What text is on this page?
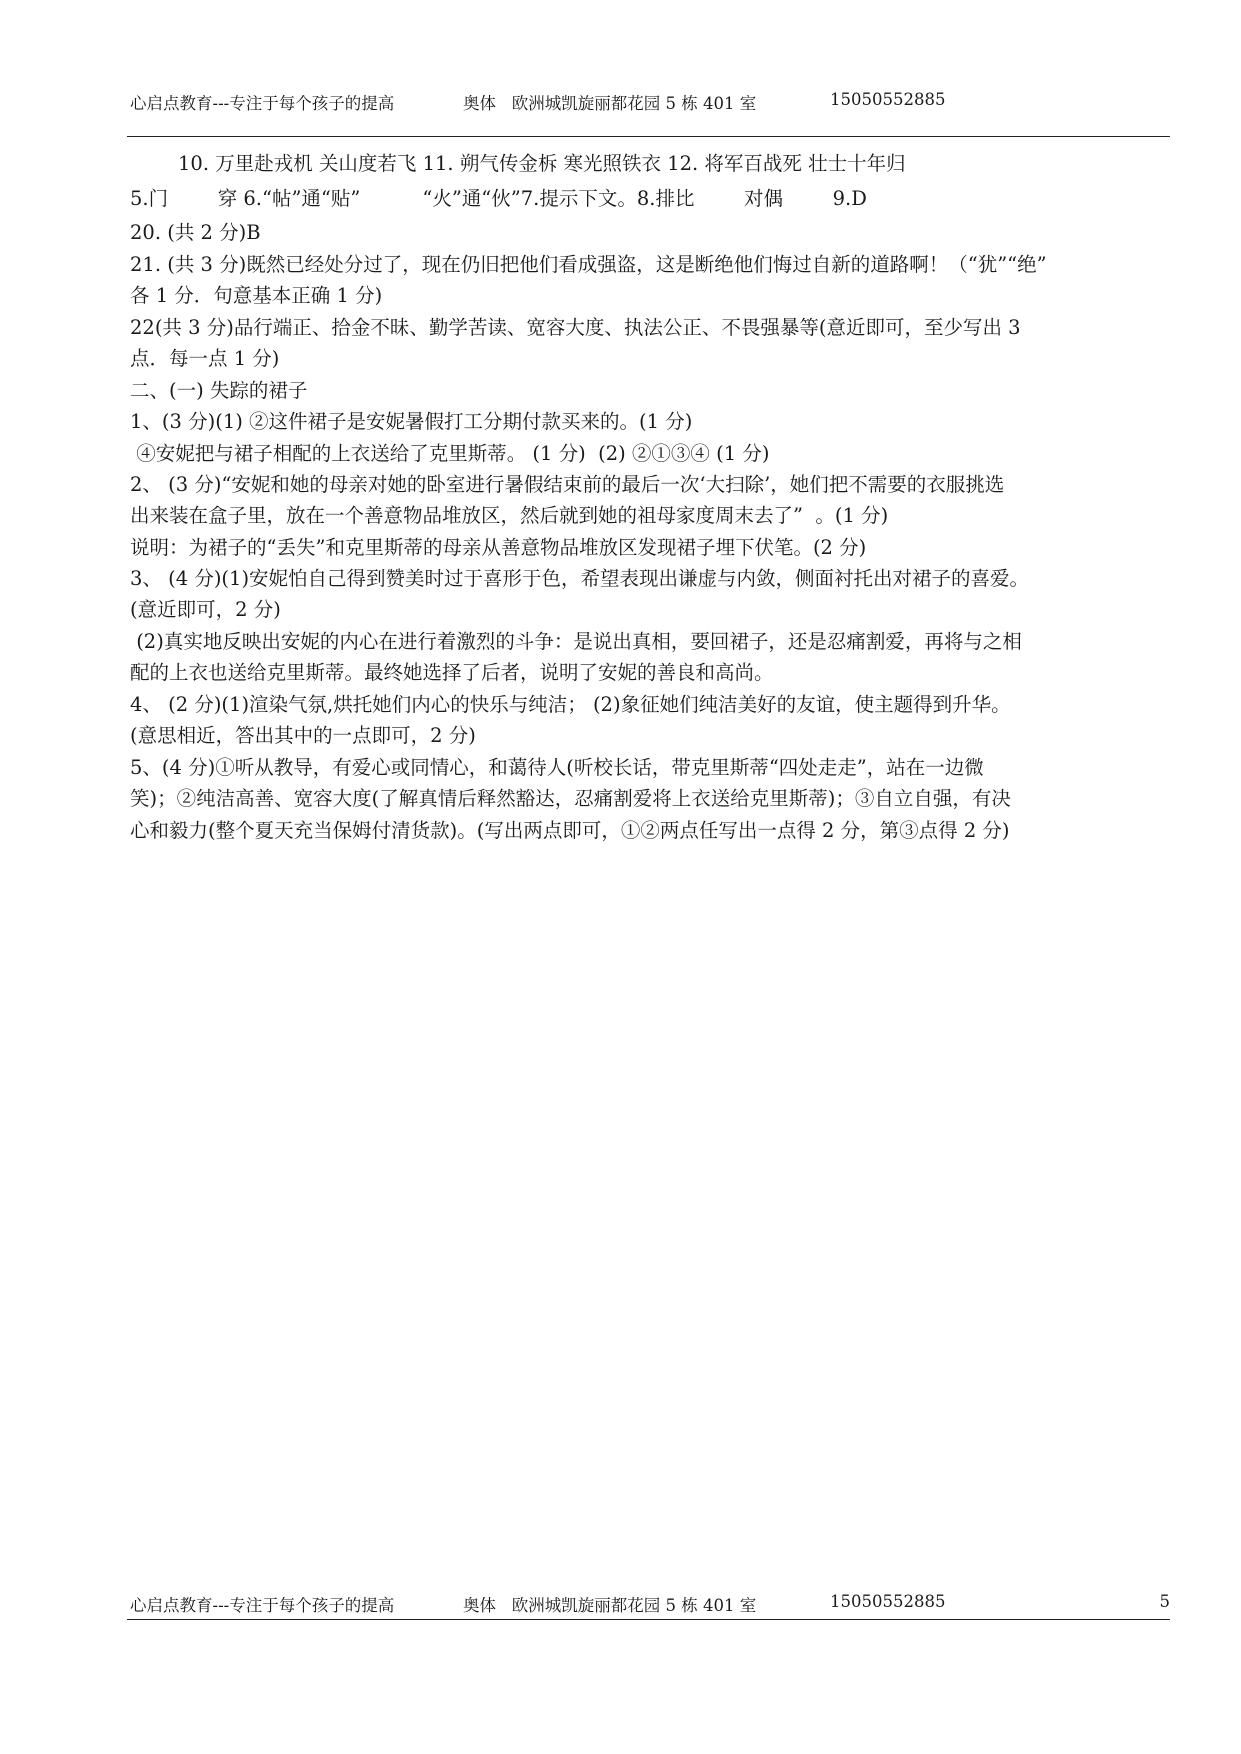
心启点教育---专注于每个孩子的提高

	奥体   欧洲城凯旋丽都花园 5 栋 401 室

	15050552885

10. 万里赴戎机 关山度若飞 11. 朔气传金柝 寒光照铁衣 12. 将军百战死 壮士十年归
5.门        穿 6.“帖”通“贴”          “火”通“伙”7.提示下文。8.排比        对偶        9.D
20. (共 2 分)B
21. (共 3 分)既然已经处分过了，现在仍旧把他们看成强盗，这是断绝他们悔过自新的道路啊！（“犹”“绝”
各 1 分．句意基本正确 1 分)
22(共 3 分)品行端正、拾金不昧、勤学苦读、宽容大度、执法公正、不畏强暴等(意近即可，至少写出 3
点．每一点 1 分)
二、(一) 失踪的裙子
1、(3 分)(1) ②这件裙子是安妮暑假打工分期付款买来的。(1 分)
④安妮把与裙子相配的上衣送给了克里斯蒂。 (1 分)  (2) ②①③④ (1 分)
2、 (3 分)“安妮和她的母亲对她的卧室进行暑假结束前的最后一次‘大扫除’，她们把不需要的衣服挑选
出来装在盒子里，放在一个善意物品堆放区，然后就到她的祖母家度周末去了”  。(1 分)
说明：为裙子的“丢失”和克里斯蒂的母亲从善意物品堆放区发现裙子埋下伏笔。(2 分)
3、 (4 分)(1)安妮怕自己得到赞美时过于喜形于色，希望表现出谦虚与内敛，侧面衬托出对裙子的喜爱。
(意近即可，2 分)
(2)真实地反映出安妮的内心在进行着激烈的斗争：是说出真相，要回裙子，还是忍痛割爱，再将与之相
配的上衣也送给克里斯蒂。最终她选择了后者，说明了安妮的善良和高尚。
4、 (2 分)(1)渲染气氛,烘托她们内心的快乐与纯洁； (2)象征她们纯洁美好的友谊，使主题得到升华。
(意思相近，答出其中的一点即可，2 分)
5、(4 分)①听从教导，有爱心或同情心，和蔼待人(听校长话，带克里斯蒂“四处走走”，站在一边微
笑)；②纯洁高善、宽容大度(了解真情后释然豁达，忍痛割爱将上衣送给克里斯蒂)；③自立自强，有决
心和毅力(整个夏天充当保姆付清货款)。(写出两点即可，①②两点任写出一点得 2 分，第③点得 2 分)
心启点教育---专注于每个孩子的提高	奥体   欧洲城凯旋丽都花园 5 栋 401 室	15050552885	5
